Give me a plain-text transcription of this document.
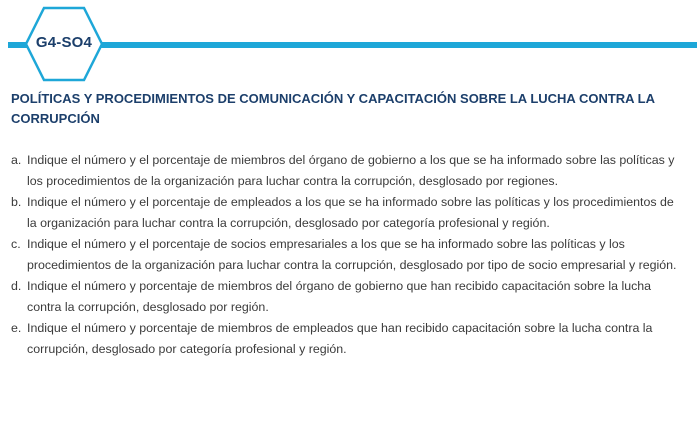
G4-SO4
POLÍTICAS Y PROCEDIMIENTOS DE COMUNICACIÓN Y CAPACITACIÓN SOBRE LA LUCHA CONTRA LA CORRUPCIÓN
a. Indique el número y el porcentaje de miembros del órgano de gobierno a los que se ha informado sobre las políticas y los procedimientos de la organización para luchar contra la corrupción, desglosado por regiones.
b. Indique el número y el porcentaje de empleados a los que se ha informado sobre las políticas y los procedimientos de la organización para luchar contra la corrupción, desglosado por categoría profesional y región.
c. Indique el número y el porcentaje de socios empresariales a los que se ha informado sobre las políticas y los procedimientos de la organización para luchar contra la corrupción, desglosado por tipo de socio empresarial y región.
d. Indique el número y porcentaje de miembros del órgano de gobierno que han recibido capacitación sobre la lucha contra la corrupción, desglosado por región.
e. Indique el número y porcentaje de miembros de empleados que han recibido capacitación sobre la lucha contra la corrupción, desglosado por categoría profesional y región.
